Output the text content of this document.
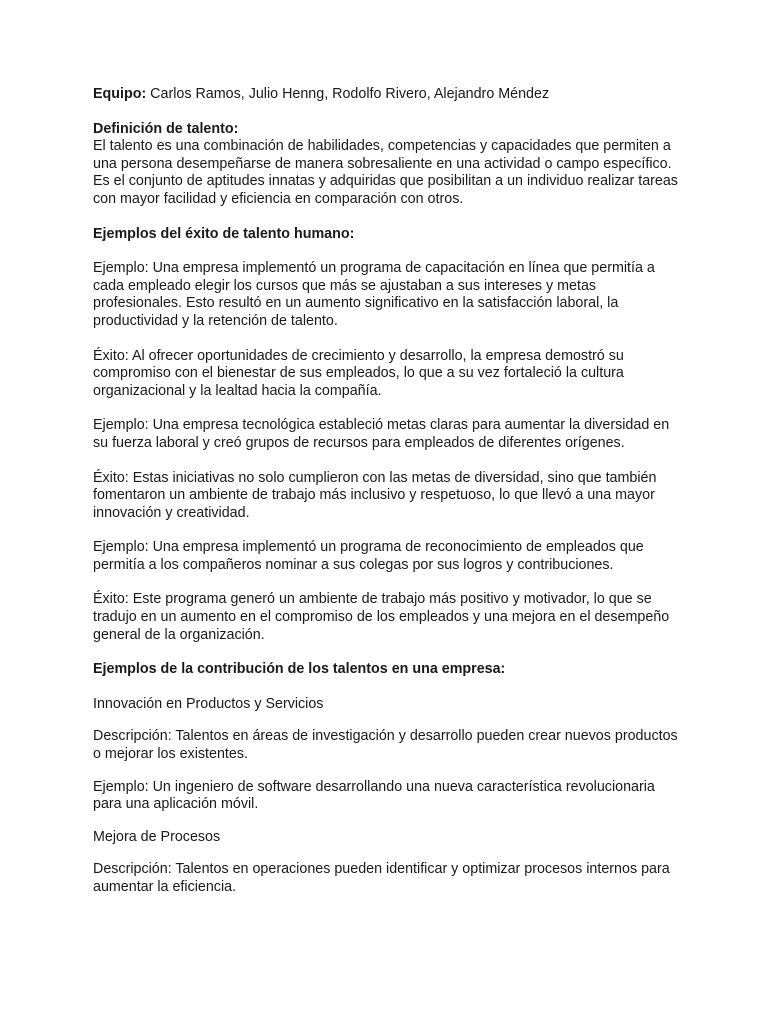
Equipo: Carlos Ramos, Julio Henng, Rodolfo Rivero, Alejandro Méndez

Definición de talento:

El talento es una combinación de habilidades, competencias y capacidades que permiten a una persona desempeñarse de manera sobresaliente en una actividad o campo específico. Es el conjunto de aptitudes innatas y adquiridas que posibilitan a un individuo realizar tareas con mayor facilidad y eficiencia en comparación con otros.

Ejemplos del éxito de talento humano:

Ejemplo: Una empresa implementó un programa de capacitación en línea que permitía a cada empleado elegir los cursos que más se ajustaban a sus intereses y metas profesionales. Esto resultó en un aumento significativo en la satisfacción laboral, la productividad y la retención de talento.

Éxito: Al ofrecer oportunidades de crecimiento y desarrollo, la empresa demostró su compromiso con el bienestar de sus empleados, lo que a su vez fortaleció la cultura organizacional y la lealtad hacia la compañía.

Ejemplo: Una empresa tecnológica estableció metas claras para aumentar la diversidad en su fuerza laboral y creó grupos de recursos para empleados de diferentes orígenes.

Éxito: Estas iniciativas no solo cumplieron con las metas de diversidad, sino que también fomentaron un ambiente de trabajo más inclusivo y respetuoso, lo que llevó a una mayor innovación y creatividad.

Ejemplo: Una empresa implementó un programa de reconocimiento de empleados que permitía a los compañeros nominar a sus colegas por sus logros y contribuciones.

Éxito: Este programa generó un ambiente de trabajo más positivo y motivador, lo que se tradujo en un aumento en el compromiso de los empleados y una mejora en el desempeño general de la organización.

Ejemplos de la contribución de los talentos en una empresa:

Innovación en Productos y Servicios

Descripción: Talentos en áreas de investigación y desarrollo pueden crear nuevos productos o mejorar los existentes.

Ejemplo: Un ingeniero de software desarrollando una nueva característica revolucionaria para una aplicación móvil.

Mejora de Procesos

Descripción: Talentos en operaciones pueden identificar y optimizar procesos internos para aumentar la eficiencia.
